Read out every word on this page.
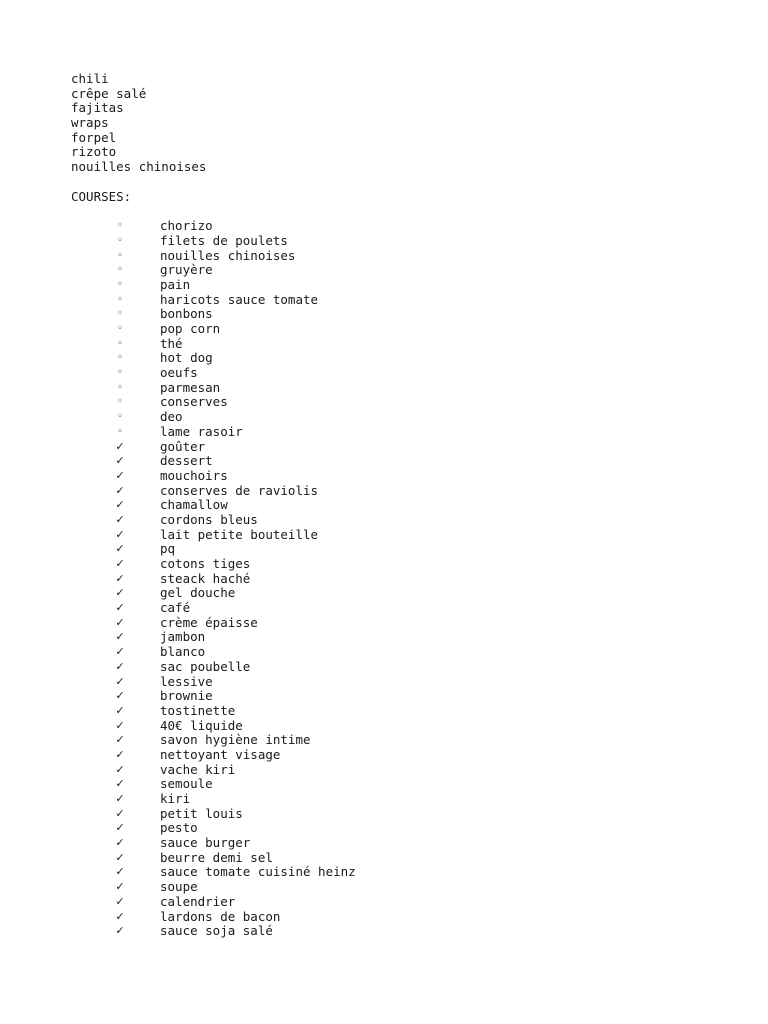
chili
crêpe salé
fajitas
wraps
forpel
rizoto
nouilles chinoises
COURSES:
◦	chorizo
◦	filets de poulets
◦	nouilles chinoises
◦	gruyère
◦	pain
◦	haricots sauce tomate
◦	bonbons
◦	pop corn
◦	thé
◦	hot dog
◦	oeufs
◦	parmesan
◦	conserves
◦	deo
◦	lame rasoir
✓	goûter
✓	dessert
✓	mouchoirs
✓	conserves de raviolis
✓	chamallow
✓	cordons bleus
✓	lait petite bouteille
✓	pq
✓	cotons tiges
✓	steack haché
✓	gel douche
✓	café
✓	crème épaisse
✓	jambon
✓	blanco
✓	sac poubelle
✓	lessive
✓	brownie
✓	tostinette
✓	40€ liquide
✓	savon hygiène intime
✓	nettoyant visage
✓	vache kiri
✓	semoule
✓	kiri
✓	petit louis
✓	pesto
✓	sauce burger
✓	beurre demi sel
✓	sauce tomate cuisiné heinz
✓	soupe
✓	calendrier
✓	lardons de bacon
✓	sauce soja salé
